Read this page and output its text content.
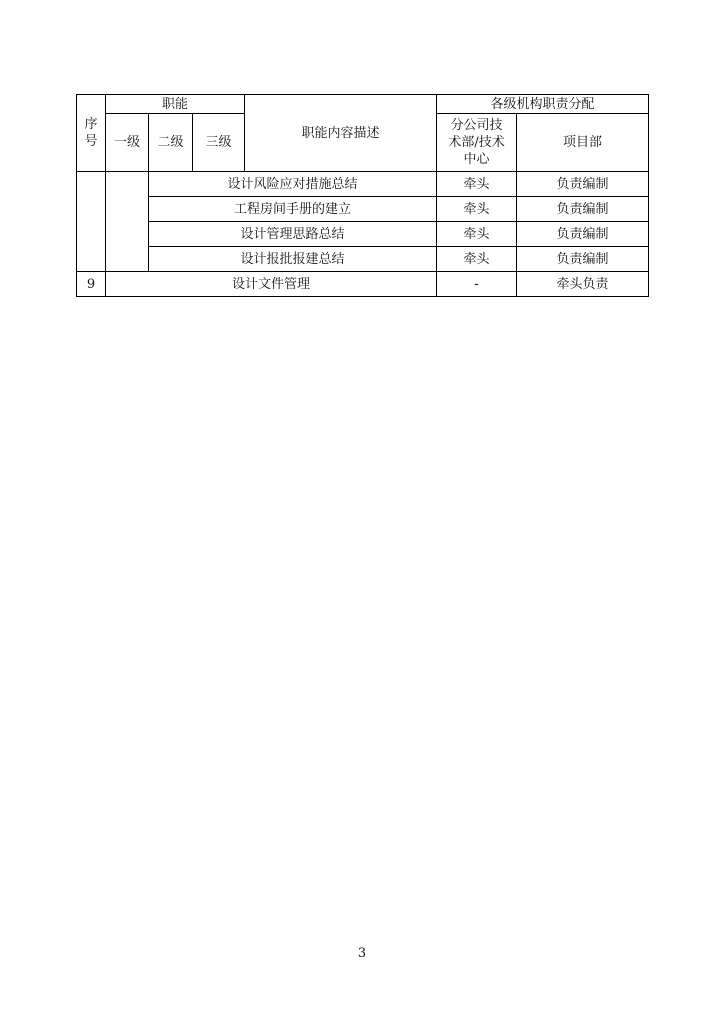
序号	职能			职能内容描述	各级机构职责分配	
	一级	二级	三级		分公司技术部/技术中心	项目部
		设计风险应对措施总结			牵头	负责编制
		工程房间手册的建立			牵头	负责编制
		设计管理思路总结			牵头	负责编制
		设计报批报建总结			牵头	负责编制
9	设计文件管理				-	牵头负责
3
